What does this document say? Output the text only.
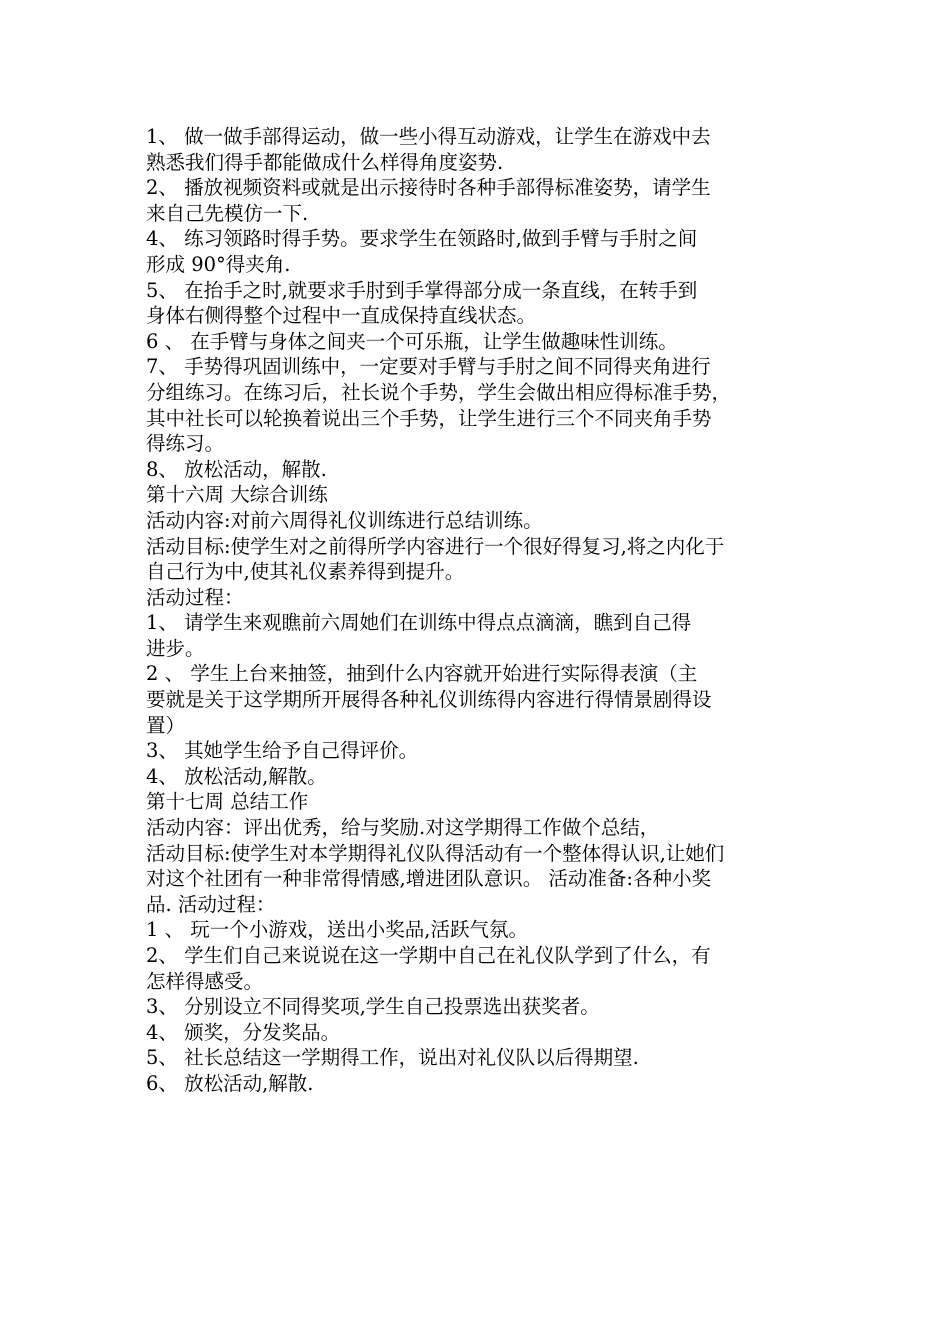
1、 做一做手部得运动，做一些小得互动游戏，让学生在游戏中去
熟悉我们得手都能做成什么样得角度姿势.
2、 播放视频资料或就是出示接待时各种手部得标准姿势，请学生
来自己先模仿一下.
4、 练习领路时得手势。要求学生在领路时,做到手臂与手肘之间
形成 90°得夹角.
5、 在抬手之时,就要求手肘到手掌得部分成一条直线，在转手到
身体右侧得整个过程中一直成保持直线状态。
6 、 在手臂与身体之间夹一个可乐瓶，让学生做趣味性训练。
7、 手势得巩固训练中，一定要对手臂与手肘之间不同得夹角进行
分组练习。在练习后，社长说个手势，学生会做出相应得标准手势，
其中社长可以轮换着说出三个手势，让学生进行三个不同夹角手势
得练习。
8、 放松活动，解散.
第十六周 大综合训练
活动内容:对前六周得礼仪训练进行总结训练。
活动目标:使学生对之前得所学内容进行一个很好得复习,将之内化于
自己行为中,使其礼仪素养得到提升。
活动过程：
1、 请学生来观瞧前六周她们在训练中得点点滴滴，瞧到自己得
进步。
2 、 学生上台来抽签，抽到什么内容就开始进行实际得表演（主
要就是关于这学期所开展得各种礼仪训练得内容进行得情景剧得设
置）
3、 其她学生给予自己得评价。
4、 放松活动,解散。
第十七周 总结工作
活动内容：评出优秀，给与奖励.对这学期得工作做个总结，
活动目标:使学生对本学期得礼仪队得活动有一个整体得认识,让她们
对这个社团有一种非常得情感,增进团队意识。 活动准备:各种小奖
品. 活动过程：
1 、 玩一个小游戏，送出小奖品,活跃气氛。
2、 学生们自己来说说在这一学期中自己在礼仪队学到了什么，有
怎样得感受。
3、 分别设立不同得奖项,学生自己投票选出获奖者。
4、 颁奖，分发奖品。
5、 社长总结这一学期得工作，说出对礼仪队以后得期望.
6、 放松活动,解散.
